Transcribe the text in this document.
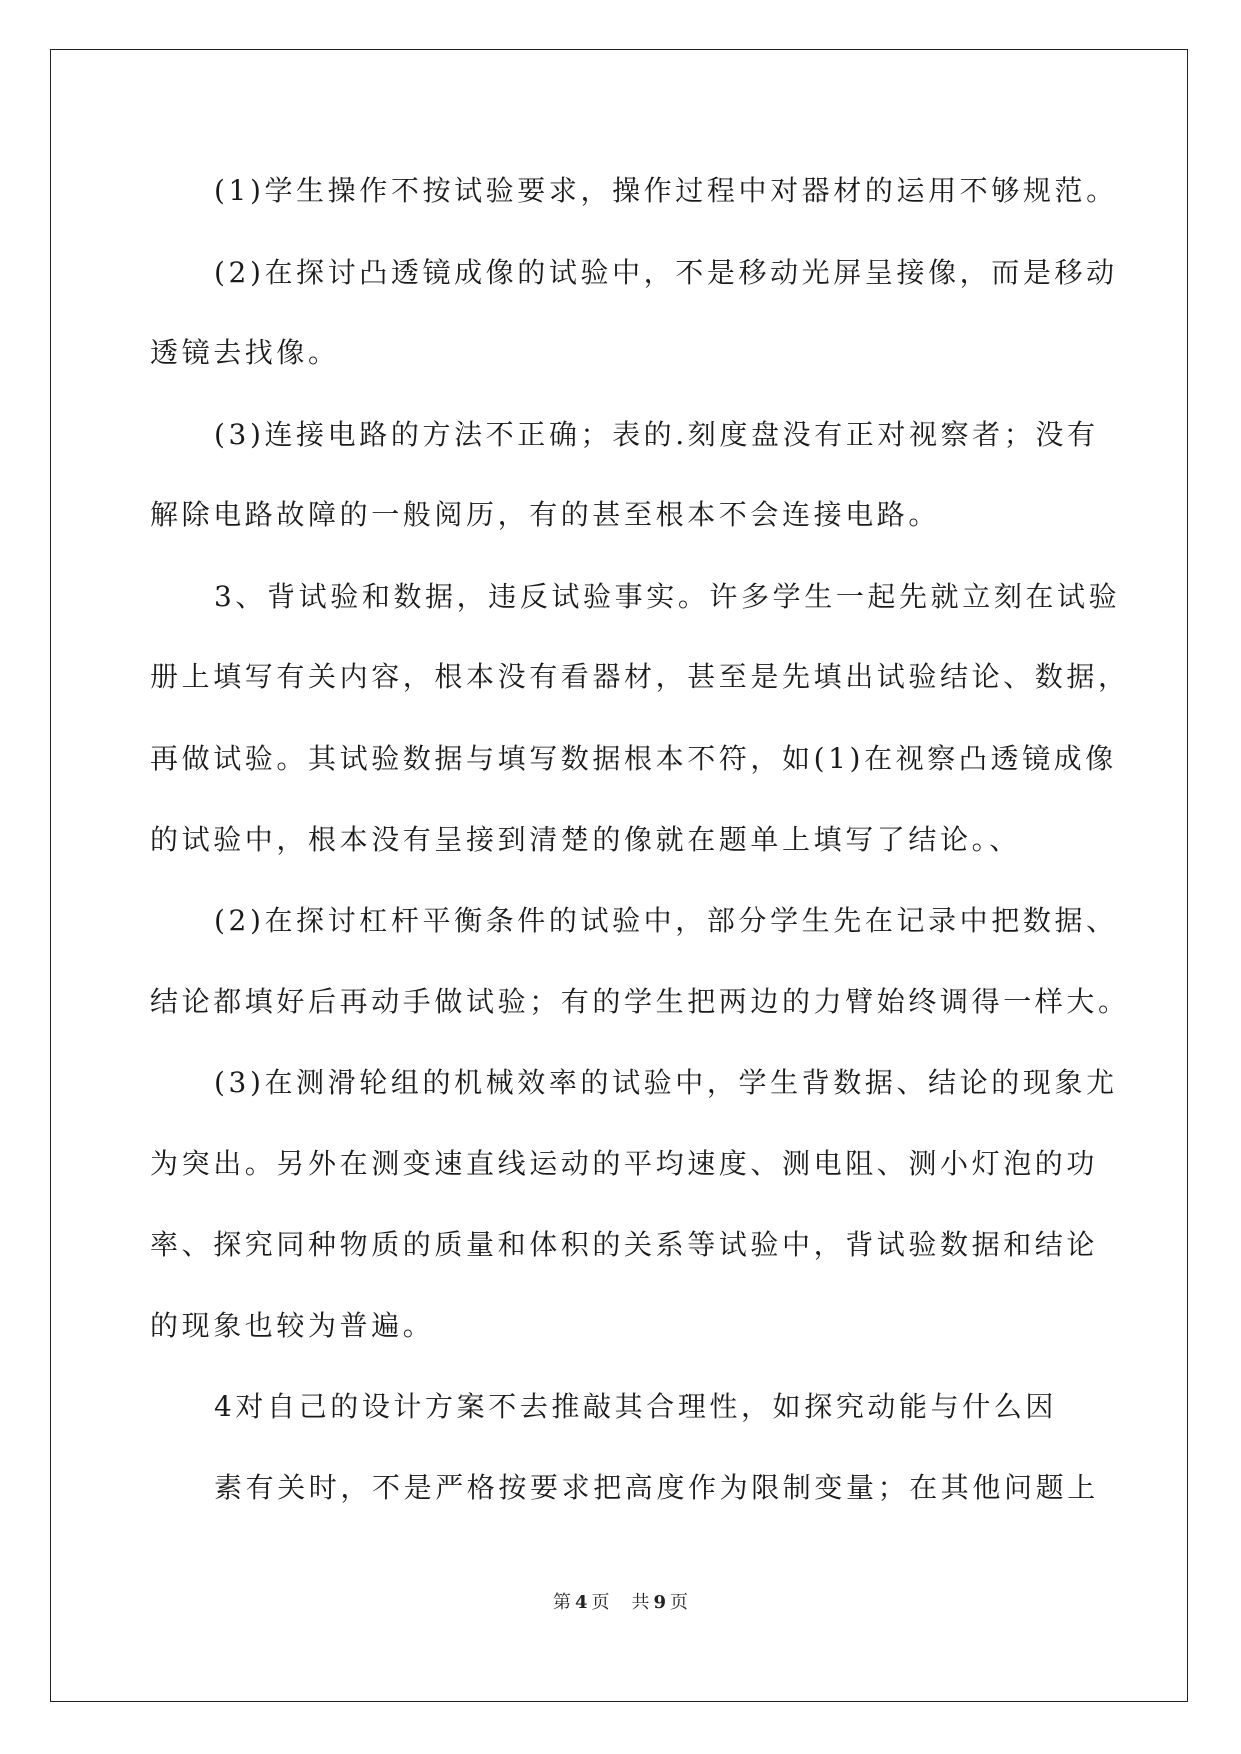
(1)学生操作不按试验要求，操作过程中对器材的运用不够规范。
(2)在探讨凸透镜成像的试验中，不是移动光屏呈接像，而是移动
透镜去找像。
(3)连接电路的方法不正确；表的.刻度盘没有正对视察者；没有
解除电路故障的一般阅历，有的甚至根本不会连接电路。
3、背试验和数据，违反试验事实。许多学生一起先就立刻在试验
册上填写有关内容，根本没有看器材，甚至是先填出试验结论、数据，
再做试验。其试验数据与填写数据根本不符，如(1)在视察凸透镜成像
的试验中，根本没有呈接到清楚的像就在题单上填写了结论。、
(2)在探讨杠杆平衡条件的试验中，部分学生先在记录中把数据、
结论都填好后再动手做试验；有的学生把两边的力臂始终调得一样大。
(3)在测滑轮组的机械效率的试验中，学生背数据、结论的现象尤
为突出。另外在测变速直线运动的平均速度、测电阻、测小灯泡的功
率、探究同种物质的质量和体积的关系等试验中，背试验数据和结论
的现象也较为普遍。
4对自己的设计方案不去推敲其合理性，如探究动能与什么因
素有关时，不是严格按要求把高度作为限制变量；在其他问题上
第 4 页 共 9 页
